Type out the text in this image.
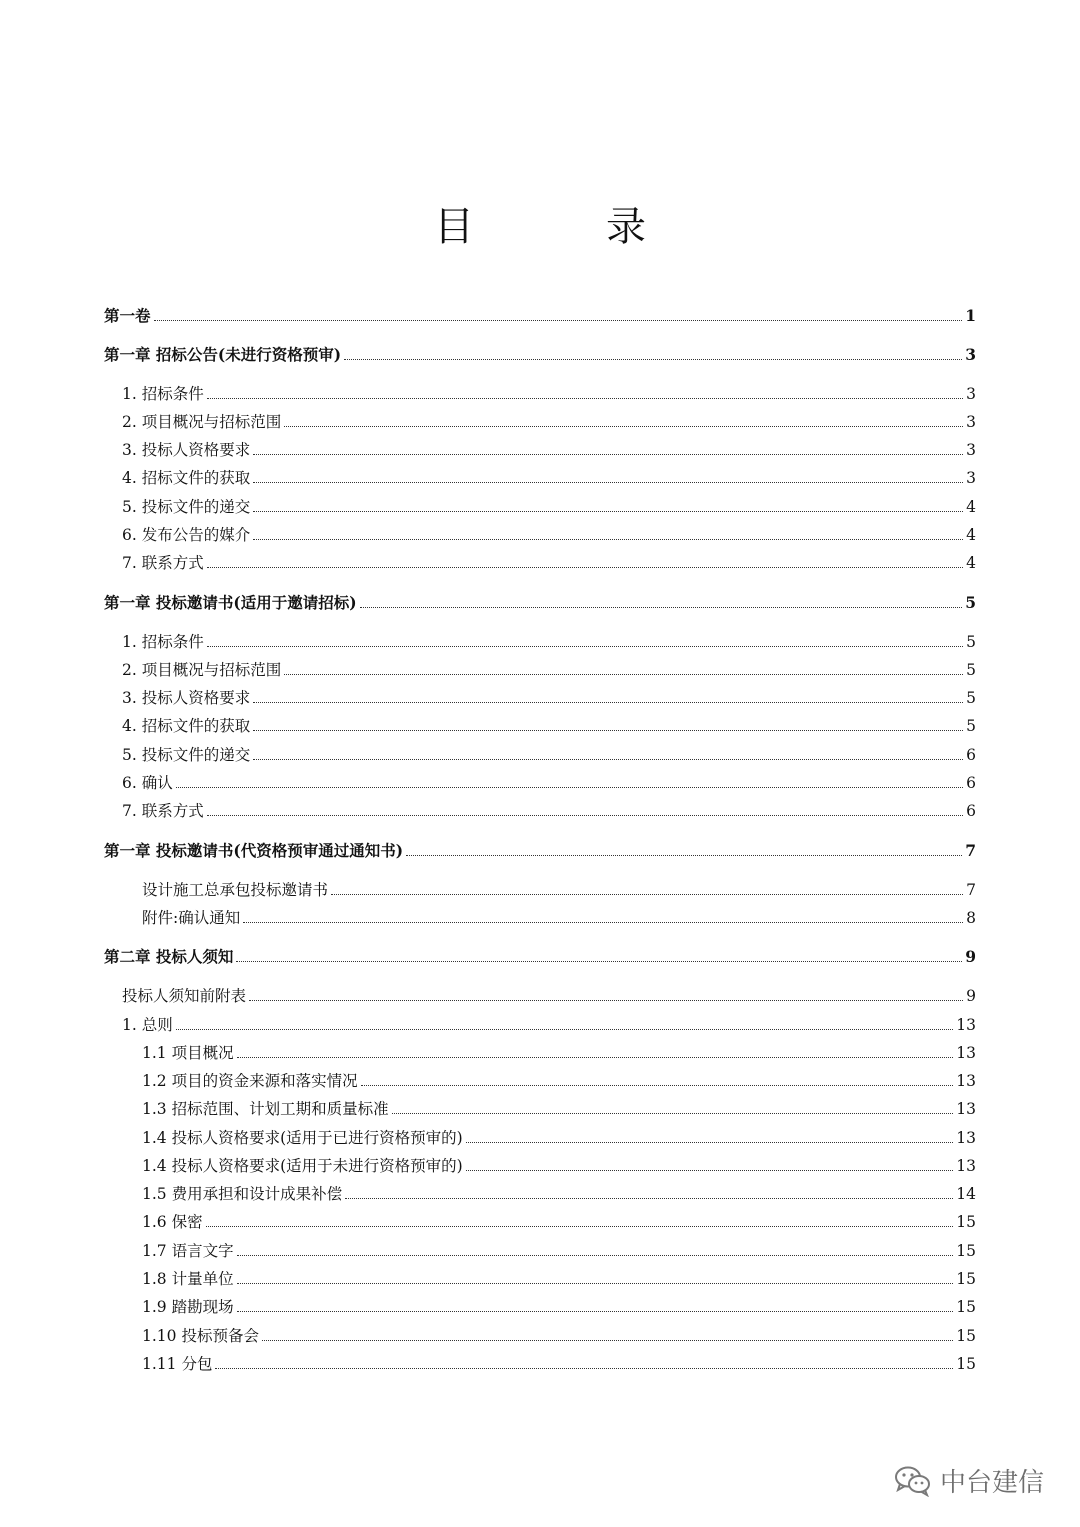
目　录
第一卷	1
第一章 招标公告(未进行资格预审)	3
1. 招标条件	3
2. 项目概况与招标范围	3
3. 投标人资格要求	3
4. 招标文件的获取	3
5. 投标文件的递交	4
6. 发布公告的媒介	4
7. 联系方式	4
第一章 投标邀请书(适用于邀请招标)	5
1. 招标条件	5
2. 项目概况与招标范围	5
3. 投标人资格要求	5
4. 招标文件的获取	5
5. 投标文件的递交	6
6. 确认	6
7. 联系方式	6
第一章 投标邀请书(代资格预审通过通知书)	7
设计施工总承包投标邀请书	7
附件:确认通知	8
第二章 投标人须知	9
投标人须知前附表	9
1. 总则	13
1.1 项目概况	13
1.2 项目的资金来源和落实情况	13
1.3 招标范围、计划工期和质量标准	13
1.4 投标人资格要求(适用于已进行资格预审的)	13
1.4 投标人资格要求(适用于未进行资格预审的)	13
1.5 费用承担和设计成果补偿	14
1.6 保密	15
1.7 语言文字	15
1.8 计量单位	15
1.9 踏勘现场	15
1.10 投标预备会	15
1.11 分包	15
中台建信
